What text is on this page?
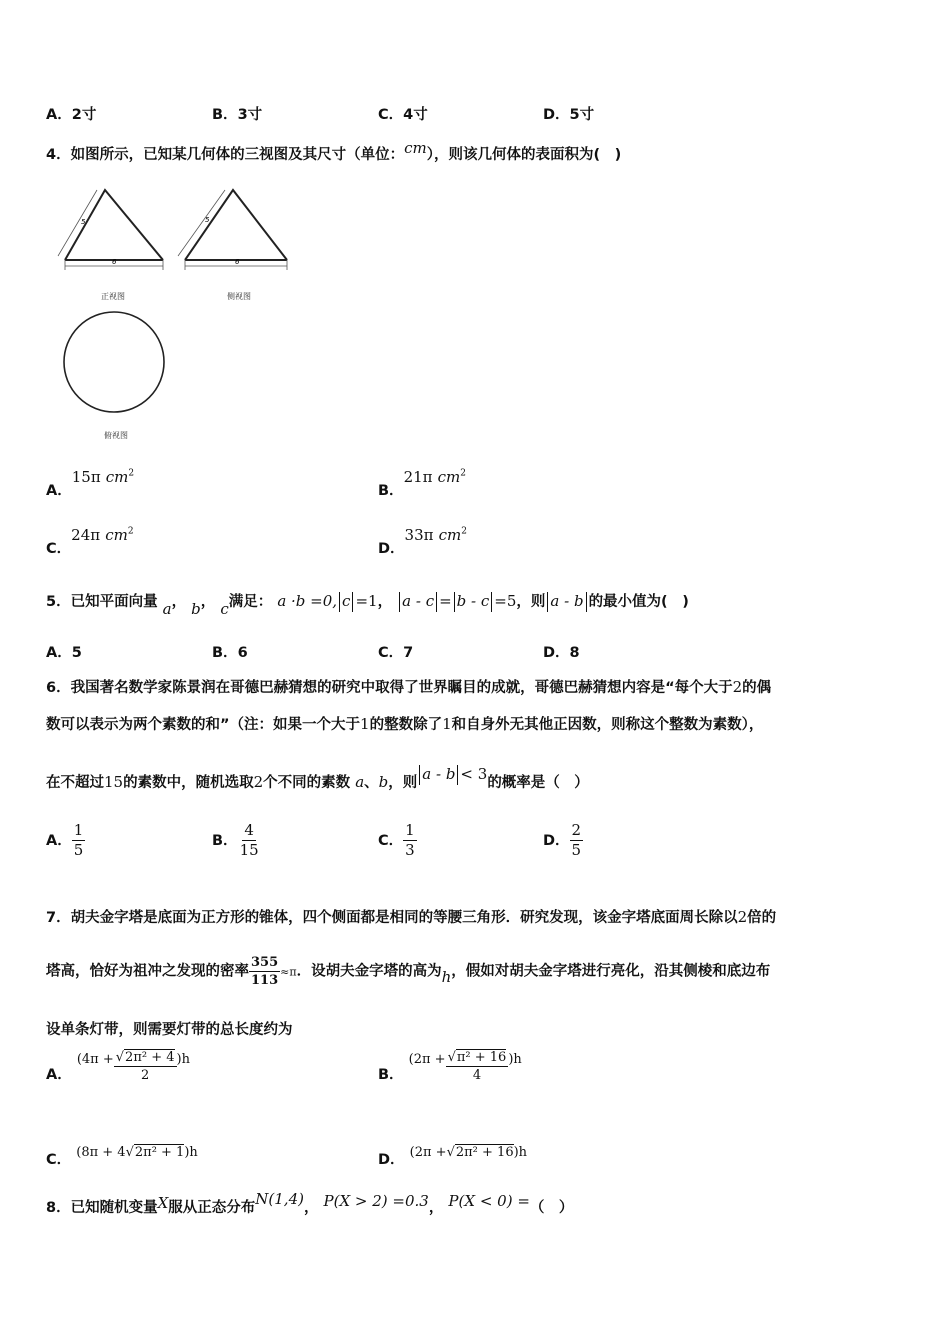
A．2寸	B．3寸	C．4寸	D．5寸
4．如图所示，已知某几何体的三视图及其尺寸（单位：cm），则该几何体的表面积为(　)
5
6
正视图
5
6
侧视图
俯视图
A．15π $cm^2$
B．21π $cm^2$
C．24π $cm^2$
D．33π $cm^2$
5．已知平面向量 a， b， c满足： a ·b =0, c =1， a - c = b - c =5，则 a - b 的最小值为(　)
A．5	B．6	C．7	D．8
6．我国著名数学家陈景润在哥德巴赫猜想的研究中取得了世界瞩目的成就，哥德巴赫猜想内容是“每个大于2的偶
数可以表示为两个素数的和”（注：如果一个大于1的整数除了1和自身外无其他正因数，则称这个整数为素数），
在不超过15的素数中，随机选取2个不同的素数 a、b，则 a - b < 3的概率是（　）
A． $\frac{1}{5}$	B． $\frac{4}{15}$	C． $\frac{1}{3}$	D． $\frac{2}{5}$
7．胡夫金字塔是底面为正方形的锥体，四个侧面都是相同的等腰三角形．研究发现，该金字塔底面周长除以2倍的
塔高，恰好为祖冲之发现的密率 $\frac{355}{113} \approx\pi$．设胡夫金字塔的高为h，假如对胡夫金字塔进行亮化，沿其侧棱和底边布
设单条灯带，则需要灯带的总长度约为
A． $^{(4\pi +} \frac{\text{√2π² + 4}}{2} ^{)h}$
B． $^{(2\pi +} \frac{\text{√π² + 16}}{4} ^{)h}$
C． (8π + 4√2π² + 1)h	D． (2π +√2π² + 16)h
8．已知随机变量X服从正态分布N(1,4)， P(X > 2) =0.3， P(X < 0) =（　）
